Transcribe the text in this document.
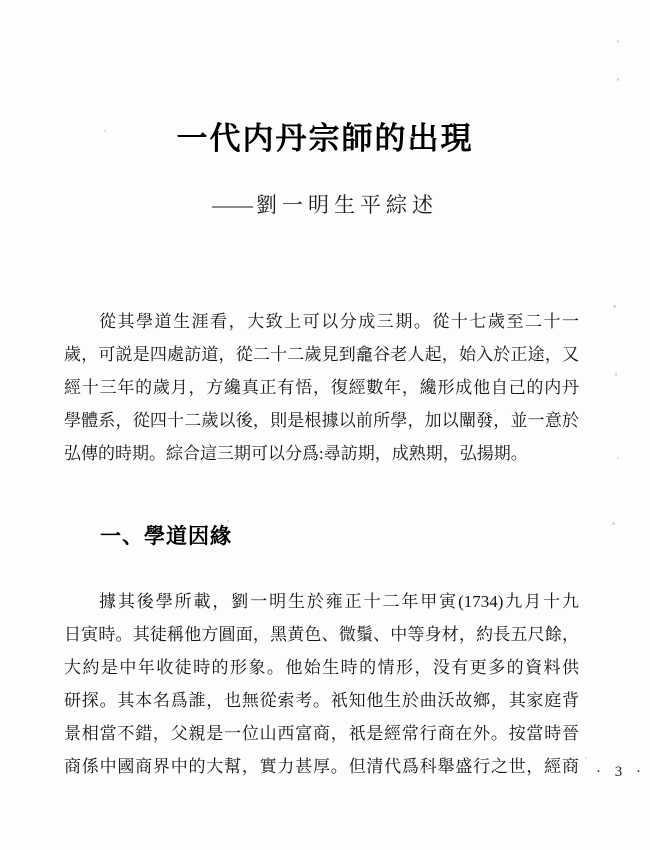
一代内丹宗師的出現
—— 劉一明生平綜述
從其學道生涯看，大致上可以分成三期。從十七歲至二十一
歲，可説是四處訪道，從二十二歲見到龕谷老人起，始入於正途，又
經十三年的歲月，方纔真正有悟，復經數年，纔形成他自己的内丹
學體系，從四十二歲以後，則是根據以前所學，加以闡發，並一意於
弘傳的時期。綜合這三期可以分爲:尋訪期，成熟期，弘揚期。
一、學道因緣
據其後學所載，劉一明生於雍正十二年甲寅(1734)九月十九
日寅時。其徒稱他方圓面，黑黄色、微鬚、中等身材，約長五尺餘，
大約是中年收徒時的形象。他始生時的情形，没有更多的資料供
研探。其本名爲誰，也無從索考。祇知他生於曲沃故鄉，其家庭背
景相當不錯，父親是一位山西富商，祇是經常行商在外。按當時晉
商係中國商界中的大幫，實力甚厚。但清代爲科舉盛行之世，經商 · 3 ·
